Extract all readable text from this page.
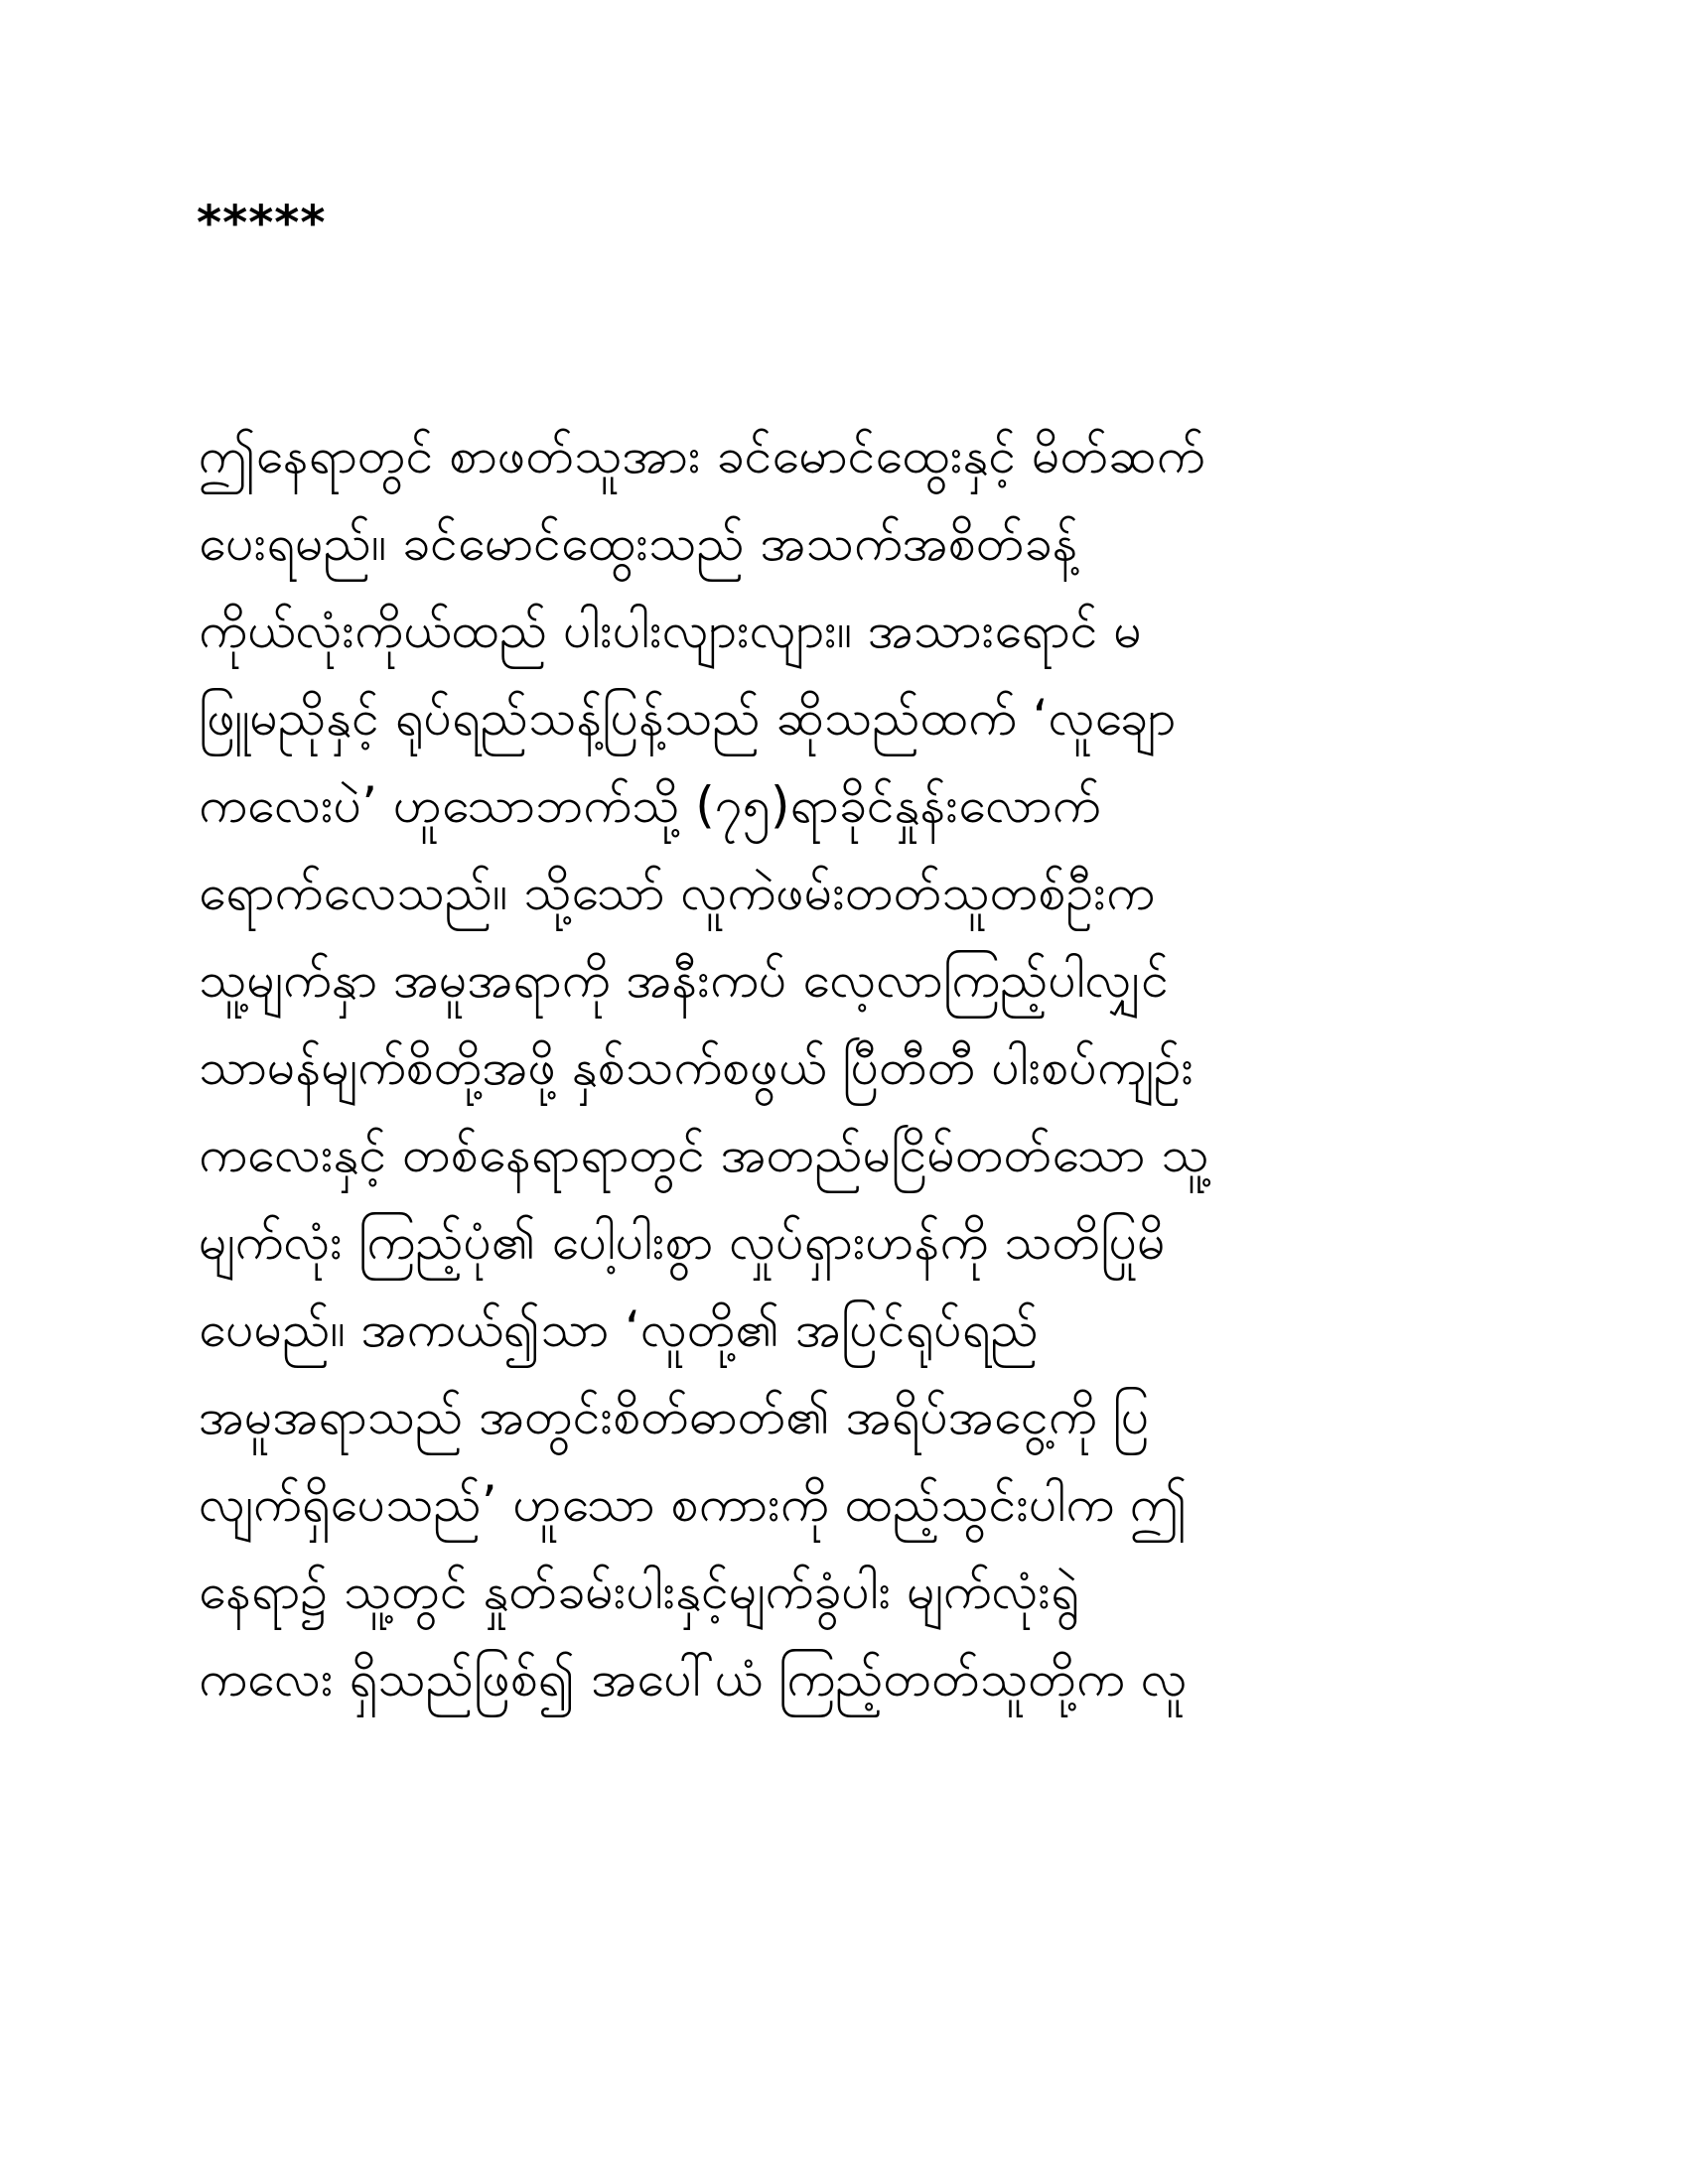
*****
ဤနေရာတွင် စာဖတ်သူအား ခင်မောင်ထွေးနှင့် မိတ်ဆက်
ပေးရမည်။ ခင်မောင်ထွေးသည် အသက်အစိတ်ခန့်
ကိုယ်လုံးကိုယ်ထည် ပါးပါးလျားလျား။ အသားရောင် မ
ဖြူမညိုနှင့် ရုပ်ရည်သန့်ပြန့်သည် ဆိုသည်ထက် ‘လူချော
ကလေးပဲ’ ဟူသောဘက်သို့ (၇၅)ရာခိုင်နှုန်းလောက်
ရောက်လေသည်။ သို့သော် လူကဲဖမ်းတတ်သူတစ်ဦးက
သူ့မျက်နှာ အမူအရာကို အနီးကပ် လေ့လာကြည့်ပါလျှင်
သာမန်မျက်စိတို့အဖို့ နှစ်သက်စဖွယ် ပြီတီတီ ပါးစပ်ကျဉ်း
ကလေးနှင့် တစ်နေရာရာတွင် အတည်မငြိမ်တတ်သော သူ့
မျက်လုံး ကြည့်ပုံ၏ ပေါ့ပါးစွာ လှုပ်ရှားဟန်ကို သတိပြုမိ
ပေမည်။ အကယ်၍သာ ‘လူတို့၏ အပြင်ရုပ်ရည်
အမူအရာသည် အတွင်းစိတ်ဓာတ်၏ အရိပ်အငွေ့ကို ပြ
လျက်ရှိပေသည်’ ဟူသော စကားကို ထည့်သွင်းပါက ဤ
နေရာ၌ သူ့တွင် နှုတ်ခမ်းပါးနှင့်မျက်ခွံပါး မျက်လုံးရွဲ
ကလေး ရှိသည်ဖြစ်၍ အပေါ်ယံ ကြည့်တတ်သူတို့က လူ
